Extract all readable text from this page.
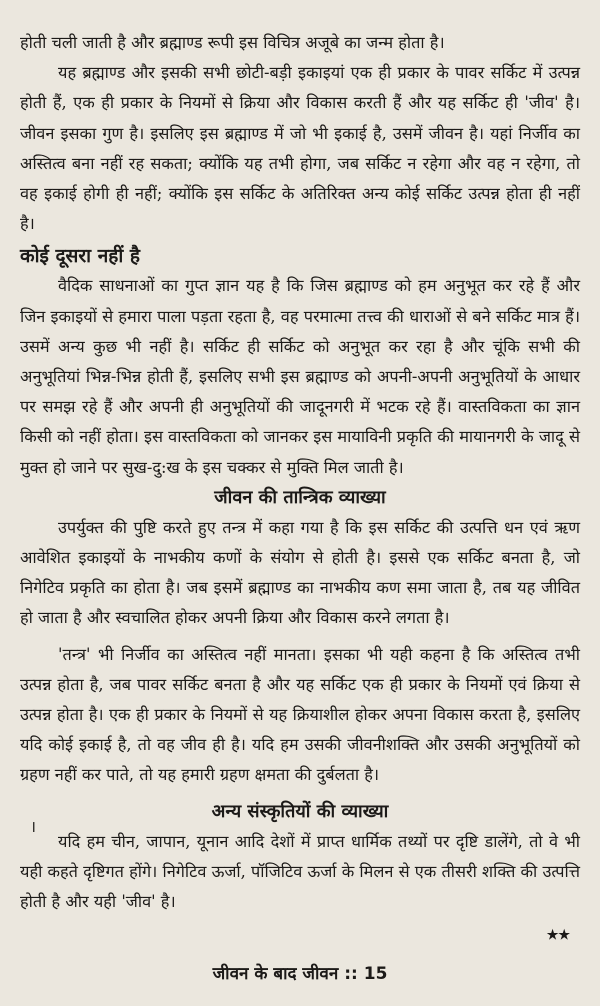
होती चली जाती है और ब्रह्माण्ड रूपी इस विचित्र अजूबे का जन्म होता है।

यह ब्रह्माण्ड और इसकी सभी छोटी-बड़ी इकाइयां एक ही प्रकार के पावर सर्किट में उत्पन्न होती हैं, एक ही प्रकार के नियमों से क्रिया और विकास करती हैं और यह सर्किट ही 'जीव' है। जीवन इसका गुण है। इसलिए इस ब्रह्माण्ड में जो भी इकाई है, उसमें जीवन है। यहां निर्जीव का अस्तित्व बना नहीं रह सकता; क्योंकि यह तभी होगा, जब सर्किट न रहेगा और वह न रहेगा, तो वह इकाई होगी ही नहीं; क्योंकि इस सर्किट के अतिरिक्त अन्य कोई सर्किट उत्पन्न होता ही नहीं है।

कोई दूसरा नहीं है

वैदिक साधनाओं का गुप्त ज्ञान यह है कि जिस ब्रह्माण्ड को हम अनुभूत कर रहे हैं और जिन इकाइयों से हमारा पाला पड़ता रहता है, वह परमात्मा तत्त्व की धाराओं से बने सर्किट मात्र हैं। उसमें अन्य कुछ भी नहीं है। सर्किट ही सर्किट को अनुभूत कर रहा है और चूंकि सभी की अनुभूतियां भिन्न-भिन्न होती हैं, इसलिए सभी इस ब्रह्माण्ड को अपनी-अपनी अनुभूतियों के आधार पर समझ रहे हैं और अपनी ही अनुभूतियों की जादूनगरी में भटक रहे हैं। वास्तविकता का ज्ञान किसी को नहीं होता। इस वास्तविकता को जानकर इस मायाविनी प्रकृति की मायानगरी के जादू से मुक्त हो जाने पर सुख-दु:ख के इस चक्कर से मुक्ति मिल जाती है।

जीवन की तान्त्रिक व्याख्या

उपर्युक्त की पुष्टि करते हुए तन्त्र में कहा गया है कि इस सर्किट की उत्पत्ति धन एवं ऋण आवेशित इकाइयों के नाभकीय कणों के संयोग से होती है। इससे एक सर्किट बनता है, जो निगेटिव प्रकृति का होता है। जब इसमें ब्रह्माण्ड का नाभकीय कण समा जाता है, तब यह जीवित हो जाता है और स्वचालित होकर अपनी क्रिया और विकास करने लगता है।

'तन्त्र' भी निर्जीव का अस्तित्व नहीं मानता। इसका भी यही कहना है कि अस्तित्व तभी उत्पन्न होता है, जब पावर सर्किट बनता है और यह सर्किट एक ही प्रकार के नियमों एवं क्रिया से उत्पन्न होता है। एक ही प्रकार के नियमों से यह क्रियाशील होकर अपना विकास करता है, इसलिए यदि कोई इकाई है, तो वह जीव ही है। यदि हम उसकी जीवनीशक्ति और उसकी अनुभूतियों को ग्रहण नहीं कर पाते, तो यह हमारी ग्रहण क्षमता की दुर्बलता है।

अन्य संस्कृतियों की व्याख्या

यदि हम चीन, जापान, यूनान आदि देशों में प्राप्त धार्मिक तथ्यों पर दृष्टि डालेंगे, तो वे भी यही कहते दृष्टिगत होंगे। निगेटिव ऊर्जा, पॉजिटिव ऊर्जा के मिलन से एक तीसरी शक्ति की उत्पत्ति होती है और यही 'जीव' है।

।
★★
जीवन के बाद जीवन :: 15
